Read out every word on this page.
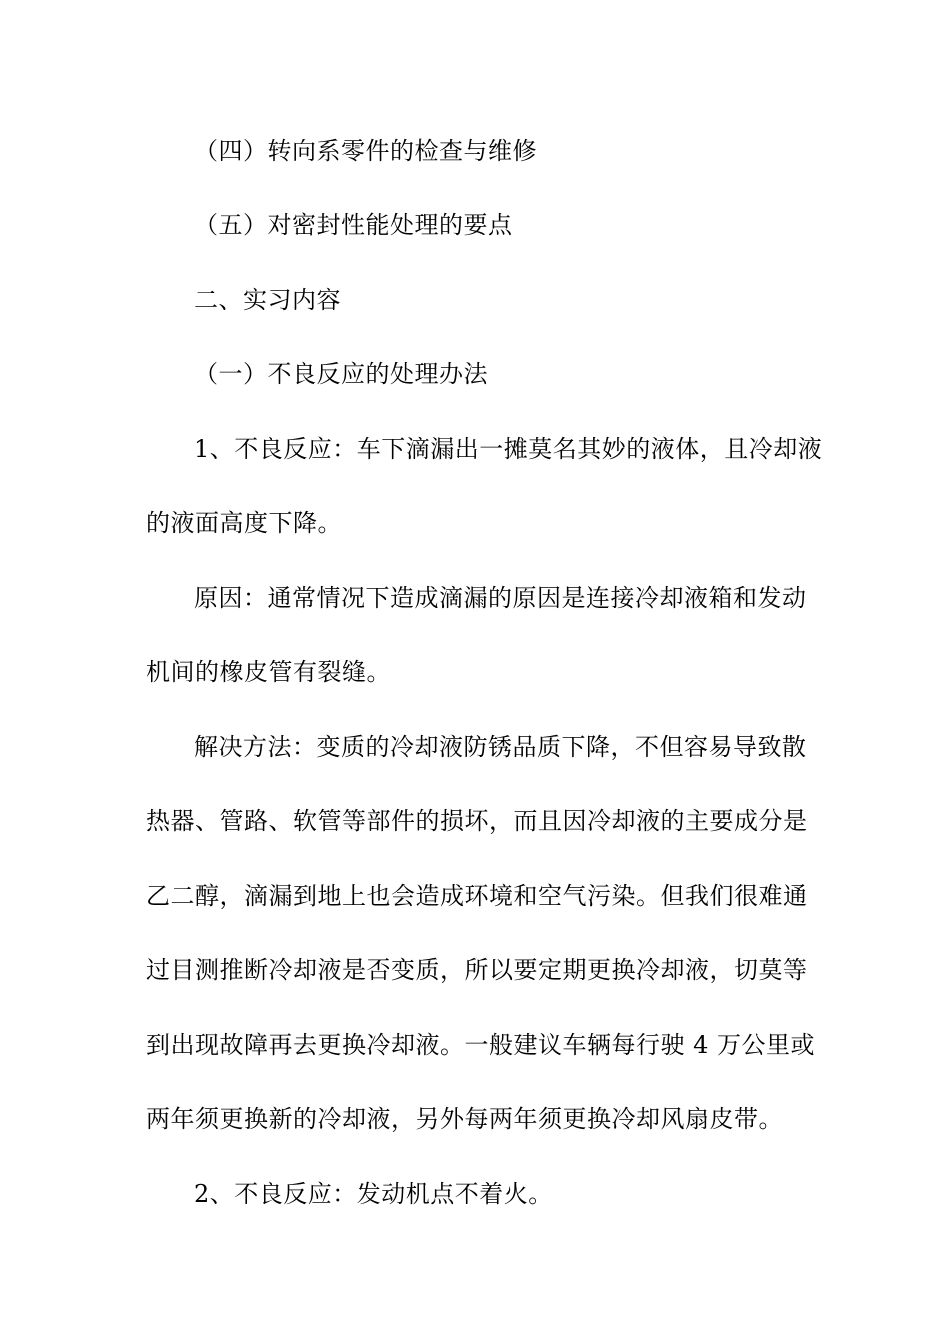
（四）转向系零件的检查与维修
（五）对密封性能处理的要点
二、实习内容
（一）不良反应的处理办法
1、不良反应：车下滴漏出一摊莫名其妙的液体，且冷却液
的液面高度下降。
原因：通常情况下造成滴漏的原因是连接冷却液箱和发动
机间的橡皮管有裂缝。
解决方法：变质的冷却液防锈品质下降，不但容易导致散
热器、管路、软管等部件的损坏，而且因冷却液的主要成分是
乙二醇，滴漏到地上也会造成环境和空气污染。但我们很难通
过目测推断冷却液是否变质，所以要定期更换冷却液，切莫等
到出现故障再去更换冷却液。一般建议车辆每行驶 4 万公里或
两年须更换新的冷却液，另外每两年须更换冷却风扇皮带。
2、不良反应：发动机点不着火。
